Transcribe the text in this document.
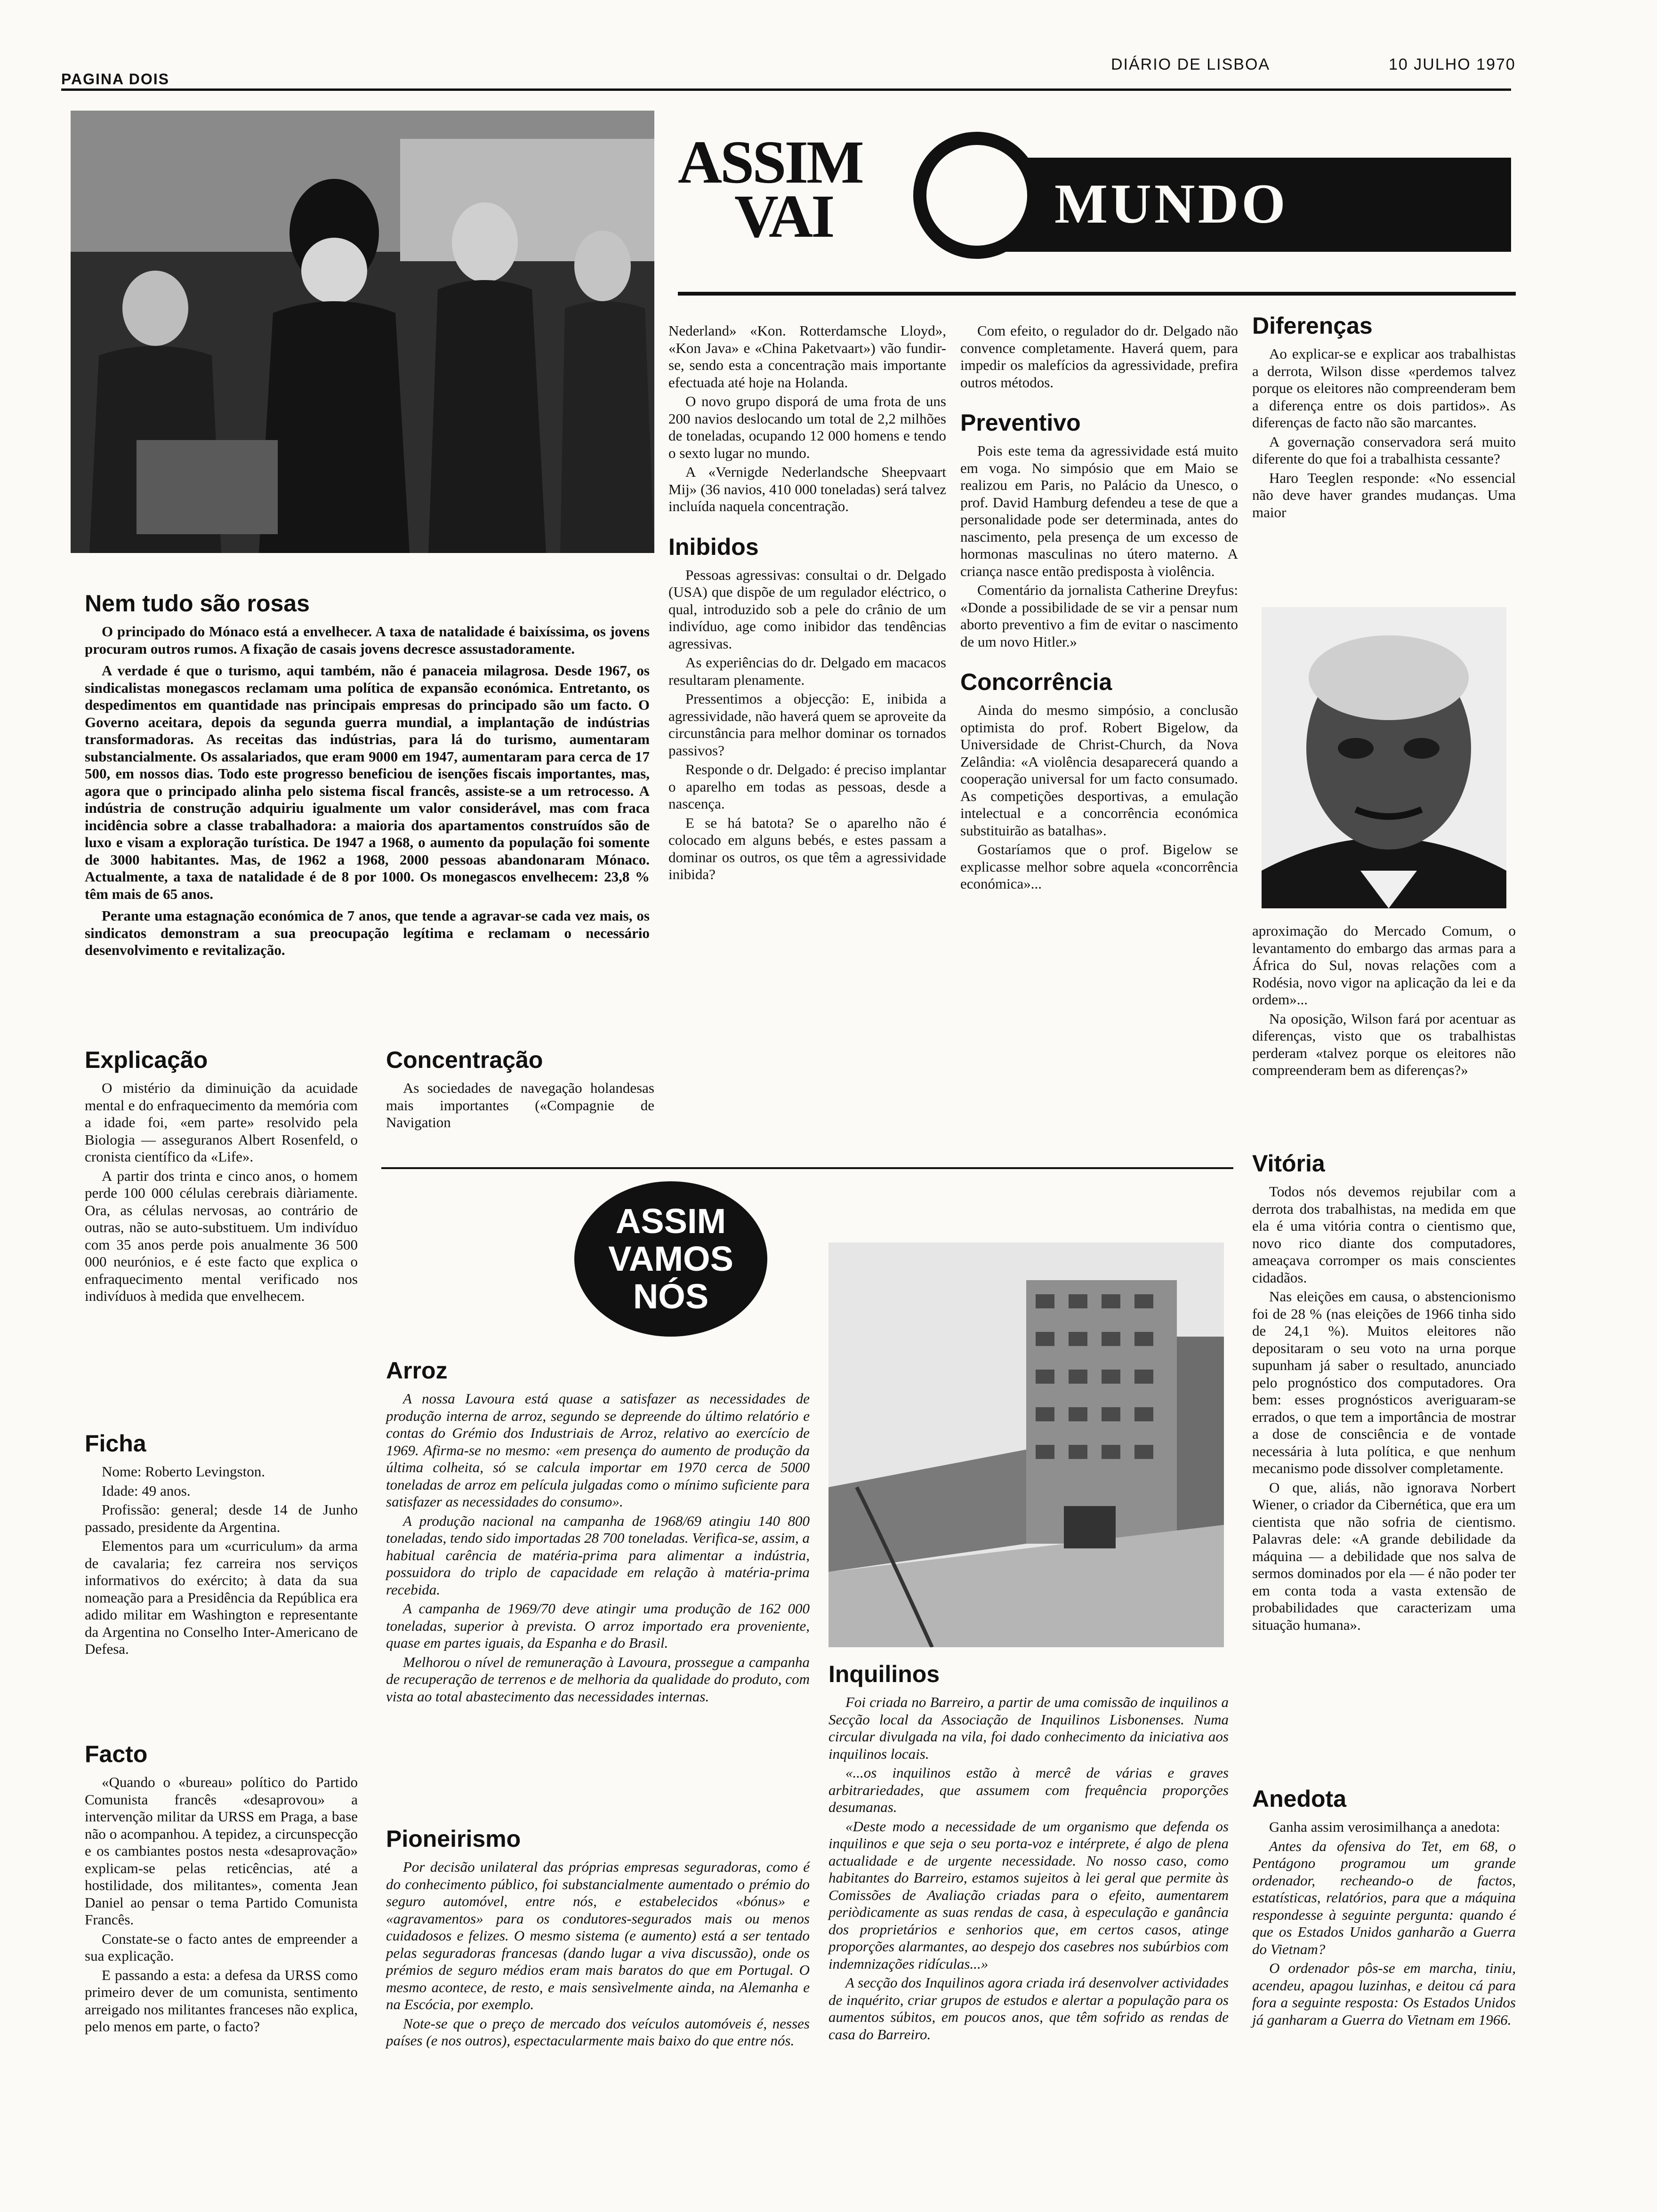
PAGINA DOIS
DIÁRIO DE LISBOA	10 JULHO 1970
ASSIM
VAI	MUNDO
Nem tudo são rosas

O principado do Mónaco está a envelhecer. A taxa de natalidade é baixíssima, os jovens procuram outros rumos. A fixação de casais jovens decresce assustadoramente.

A verdade é que o turismo, aqui também, não é panaceia milagrosa. Desde 1967, os sindicalistas monegascos reclamam uma política de expansão económica. Entretanto, os despedimentos em quantidade nas principais empresas do principado são um facto. O Governo aceitara, depois da segunda guerra mundial, a implantação de indústrias transformadoras. As receitas das indústrias, para lá do turismo, aumentaram substancialmente. Os assalariados, que eram 9000 em 1947, aumentaram para cerca de 17 500, em nossos dias. Todo este progresso beneficiou de isenções fiscais importantes, mas, agora que o principado alinha pelo sistema fiscal francês, assiste-se a um retrocesso. A indústria de construção adquiriu igualmente um valor considerável, mas com fraca incidência sobre a classe trabalhadora: a maioria dos apartamentos construídos são de luxo e visam a exploração turística. De 1947 a 1968, o aumento da população foi somente de 3000 habitantes. Mas, de 1962 a 1968, 2000 pessoas abandonaram Mónaco. Actualmente, a taxa de natalidade é de 8 por 1000. Os monegascos envelhecem: 23,8 % têm mais de 65 anos.

Perante uma estagnação económica de 7 anos, que tende a agravar-se cada vez mais, os sindicatos demonstram a sua preocupação legítima e reclamam o necessário desenvolvimento e revitalização.

Explicação

O mistério da diminuição da acuidade mental e do enfraquecimento da memória com a idade foi, «em parte» resolvido pela Biologia — asseguranos Albert Rosenfeld, o cronista científico da «Life».

A partir dos trinta e cinco anos, o homem perde 100 000 células cerebrais diàriamente. Ora, as células nervosas, ao contrário de outras, não se auto-substituem. Um indivíduo com 35 anos perde pois anualmente 36 500 000 neurónios, e é este facto que explica o enfraquecimento mental verificado nos indivíduos à medida que envelhecem.

Ficha

Nome: Roberto Levingston.

Idade: 49 anos.

Profissão: general; desde 14 de Junho passado, presidente da Argentina.

Elementos para um «curriculum» da arma de cavalaria; fez carreira nos serviços informativos do exército; à data da sua nomeação para a Presidência da República era adido militar em Washington e representante da Argentina no Conselho Inter-Americano de Defesa.

Facto

«Quando o «bureau» político do Partido Comunista francês «desaprovou» a intervenção militar da URSS em Praga, a base não o acompanhou. A tepidez, a circunspecção e os cambiantes postos nesta «desaprovação» explicam-se pelas reticências, até a hostilidade, dos militantes», comenta Jean Daniel ao pensar o tema Partido Comunista Francês.

Constate-se o facto antes de empreender a sua explicação.

E passando a esta: a defesa da URSS como primeiro dever de um comunista, sentimento arreigado nos militantes franceses não explica, pelo menos em parte, o facto?

Concentração

As sociedades de navegação holandesas mais importantes («Compagnie de Navigation

Nederland» «Kon. Rotterdamsche Lloyd», «Kon Java» e «China Paketvaart») vão fundir-se, sendo esta a concentração mais importante efectuada até hoje na Holanda.

O novo grupo disporá de uma frota de uns 200 navios deslocando um total de 2,2 milhões de toneladas, ocupando 12 000 homens e tendo o sexto lugar no mundo.

A «Vernigde Nederlandsche Sheepvaart Mij» (36 navios, 410 000 toneladas) será talvez incluída naquela concentração.

Inibidos

Pessoas agressivas: consultai o dr. Delgado (USA) que dispõe de um regulador eléctrico, o qual, introduzido sob a pele do crânio de um indivíduo, age como inibidor das tendências agressivas.

As experiências do dr. Delgado em macacos resultaram plenamente.

Pressentimos a objecção: E, inibida a agressividade, não haverá quem se aproveite da circunstância para melhor dominar os tornados passivos?

Responde o dr. Delgado: é preciso implantar o aparelho em todas as pessoas, desde a nascença.

E se há batota? Se o aparelho não é colocado em alguns bebés, e estes passam a dominar os outros, os que têm a agressividade inibida?

Com efeito, o regulador do dr. Delgado não convence completamente. Haverá quem, para impedir os malefícios da agressividade, prefira outros métodos.

Preventivo

Pois este tema da agressividade está muito em voga. No simpósio que em Maio se realizou em Paris, no Palácio da Unesco, o prof. David Hamburg defendeu a tese de que a personalidade pode ser determinada, antes do nascimento, pela presença de um excesso de hormonas masculinas no útero materno. A criança nasce então predisposta à violência.

Comentário da jornalista Catherine Dreyfus: «Donde a possibilidade de se vir a pensar num aborto preventivo a fim de evitar o nascimento de um novo Hitler.»

Concorrência

Ainda do mesmo simpósio, a conclusão optimista do prof. Robert Bigelow, da Universidade de Christ-Church, da Nova Zelândia: «A violência desaparecerá quando a cooperação universal for um facto consumado. As competições desportivas, a emulação intelectual e a concorrência económica substituirão as batalhas».

Gostaríamos que o prof. Bigelow se explicasse melhor sobre aquela «concorrência económica»...

Diferenças

Ao explicar-se e explicar aos trabalhistas a derrota, Wilson disse «perdemos talvez porque os eleitores não compreenderam bem a diferença entre os dois partidos». As diferenças de facto não são marcantes.

A governação conservadora será muito diferente do que foi a trabalhista cessante?

Haro Teeglen responde: «No essencial não deve haver grandes mudanças. Uma maior

aproximação do Mercado Comum, o levantamento do embargo das armas para a África do Sul, novas relações com a Rodésia, novo vigor na aplicação da lei e da ordem»...

Na oposição, Wilson fará por acentuar as diferenças, visto que os trabalhistas perderam «talvez porque os eleitores não compreenderam bem as diferenças?»

Vitória

Todos nós devemos rejubilar com a derrota dos trabalhistas, na medida em que ela é uma vitória contra o cientismo que, novo rico diante dos computadores, ameaçava corromper os mais conscientes cidadãos.

Nas eleições em causa, o abstencionismo foi de 28 % (nas eleições de 1966 tinha sido de 24,1 %). Muitos eleitores não depositaram o seu voto na urna porque supunham já saber o resultado, anunciado pelo prognóstico dos computadores. Ora bem: esses prognósticos averiguaram-se errados, o que tem a importância de mostrar a dose de consciência e de vontade necessária à luta política, e que nenhum mecanismo pode dissolver completamente.

O que, aliás, não ignorava Norbert Wiener, o criador da Cibernética, que era um cientista que não sofria de cientismo. Palavras dele: «A grande debilidade da máquina — a debilidade que nos salva de sermos dominados por ela — é não poder ter em conta toda a vasta extensão de probabilidades que caracterizam uma situação humana».

Anedota

Ganha assim verosimilhança a anedota:

Antes da ofensiva do Tet, em 68, o Pentágono programou um grande ordenador, recheando-o de factos, estatísticas, relatórios, para que a máquina respondesse à seguinte pergunta: quando é que os Estados Unidos ganharão a Guerra do Vietnam?

O ordenador pôs-se em marcha, tiniu, acendeu, apagou luzinhas, e deitou cá para fora a seguinte resposta: Os Estados Unidos já ganharam a Guerra do Vietnam em 1966.

ASSIM
VAMOS
NÓS
Arroz

A nossa Lavoura está quase a satisfazer as necessidades de produção interna de arroz, segundo se depreende do último relatório e contas do Grémio dos Industriais de Arroz, relativo ao exercício de 1969. Afirma-se no mesmo: «em presença do aumento de produção da última colheita, só se calcula importar em 1970 cerca de 5000 toneladas de arroz em película julgadas como o mínimo suficiente para satisfazer as necessidades do consumo».

A produção nacional na campanha de 1968/69 atingiu 140 800 toneladas, tendo sido importadas 28 700 toneladas. Verifica-se, assim, a habitual carência de matéria-prima para alimentar a indústria, possuidora do triplo de capacidade em relação à matéria-prima recebida.

A campanha de 1969/70 deve atingir uma produção de 162 000 toneladas, superior à prevista. O arroz importado era proveniente, quase em partes iguais, da Espanha e do Brasil.

Melhorou o nível de remuneração à Lavoura, prossegue a campanha de recuperação de terrenos e de melhoria da qualidade do produto, com vista ao total abastecimento das necessidades internas.

Pioneirismo

Por decisão unilateral das próprias empresas seguradoras, como é do conhecimento público, foi substancialmente aumentado o prémio do seguro automóvel, entre nós, e estabelecidos «bónus» e «agravamentos» para os condutores-segurados mais ou menos cuidadosos e felizes. O mesmo sistema (e aumento) está a ser tentado pelas seguradoras francesas (dando lugar a viva discussão), onde os prémios de seguro médios eram mais baratos do que em Portugal. O mesmo acontece, de resto, e mais sensìvelmente ainda, na Alemanha e na Escócia, por exemplo.

Note-se que o preço de mercado dos veículos automóveis é, nesses países (e nos outros), espectacularmente mais baixo do que entre nós.

Inquilinos

Foi criada no Barreiro, a partir de uma comissão de inquilinos a Secção local da Associação de Inquilinos Lisbonenses. Numa circular divulgada na vila, foi dado conhecimento da iniciativa aos inquilinos locais.

«...os inquilinos estão à mercê de várias e graves arbitrariedades, que assumem com frequência proporções desumanas.

«Deste modo a necessidade de um organismo que defenda os inquilinos e que seja o seu porta-voz e intérprete, é algo de plena actualidade e de urgente necessidade. No nosso caso, como habitantes do Barreiro, estamos sujeitos à lei geral que permite às Comissões de Avaliação criadas para o efeito, aumentarem periòdicamente as suas rendas de casa, à especulação e ganância dos proprietários e senhorios que, em certos casos, atinge proporções alarmantes, ao despejo dos casebres nos subúrbios com indemnizações ridículas...»

A secção dos Inquilinos agora criada irá desenvolver actividades de inquérito, criar grupos de estudos e alertar a população para os aumentos súbitos, em poucos anos, que têm sofrido as rendas de casa do Barreiro.
